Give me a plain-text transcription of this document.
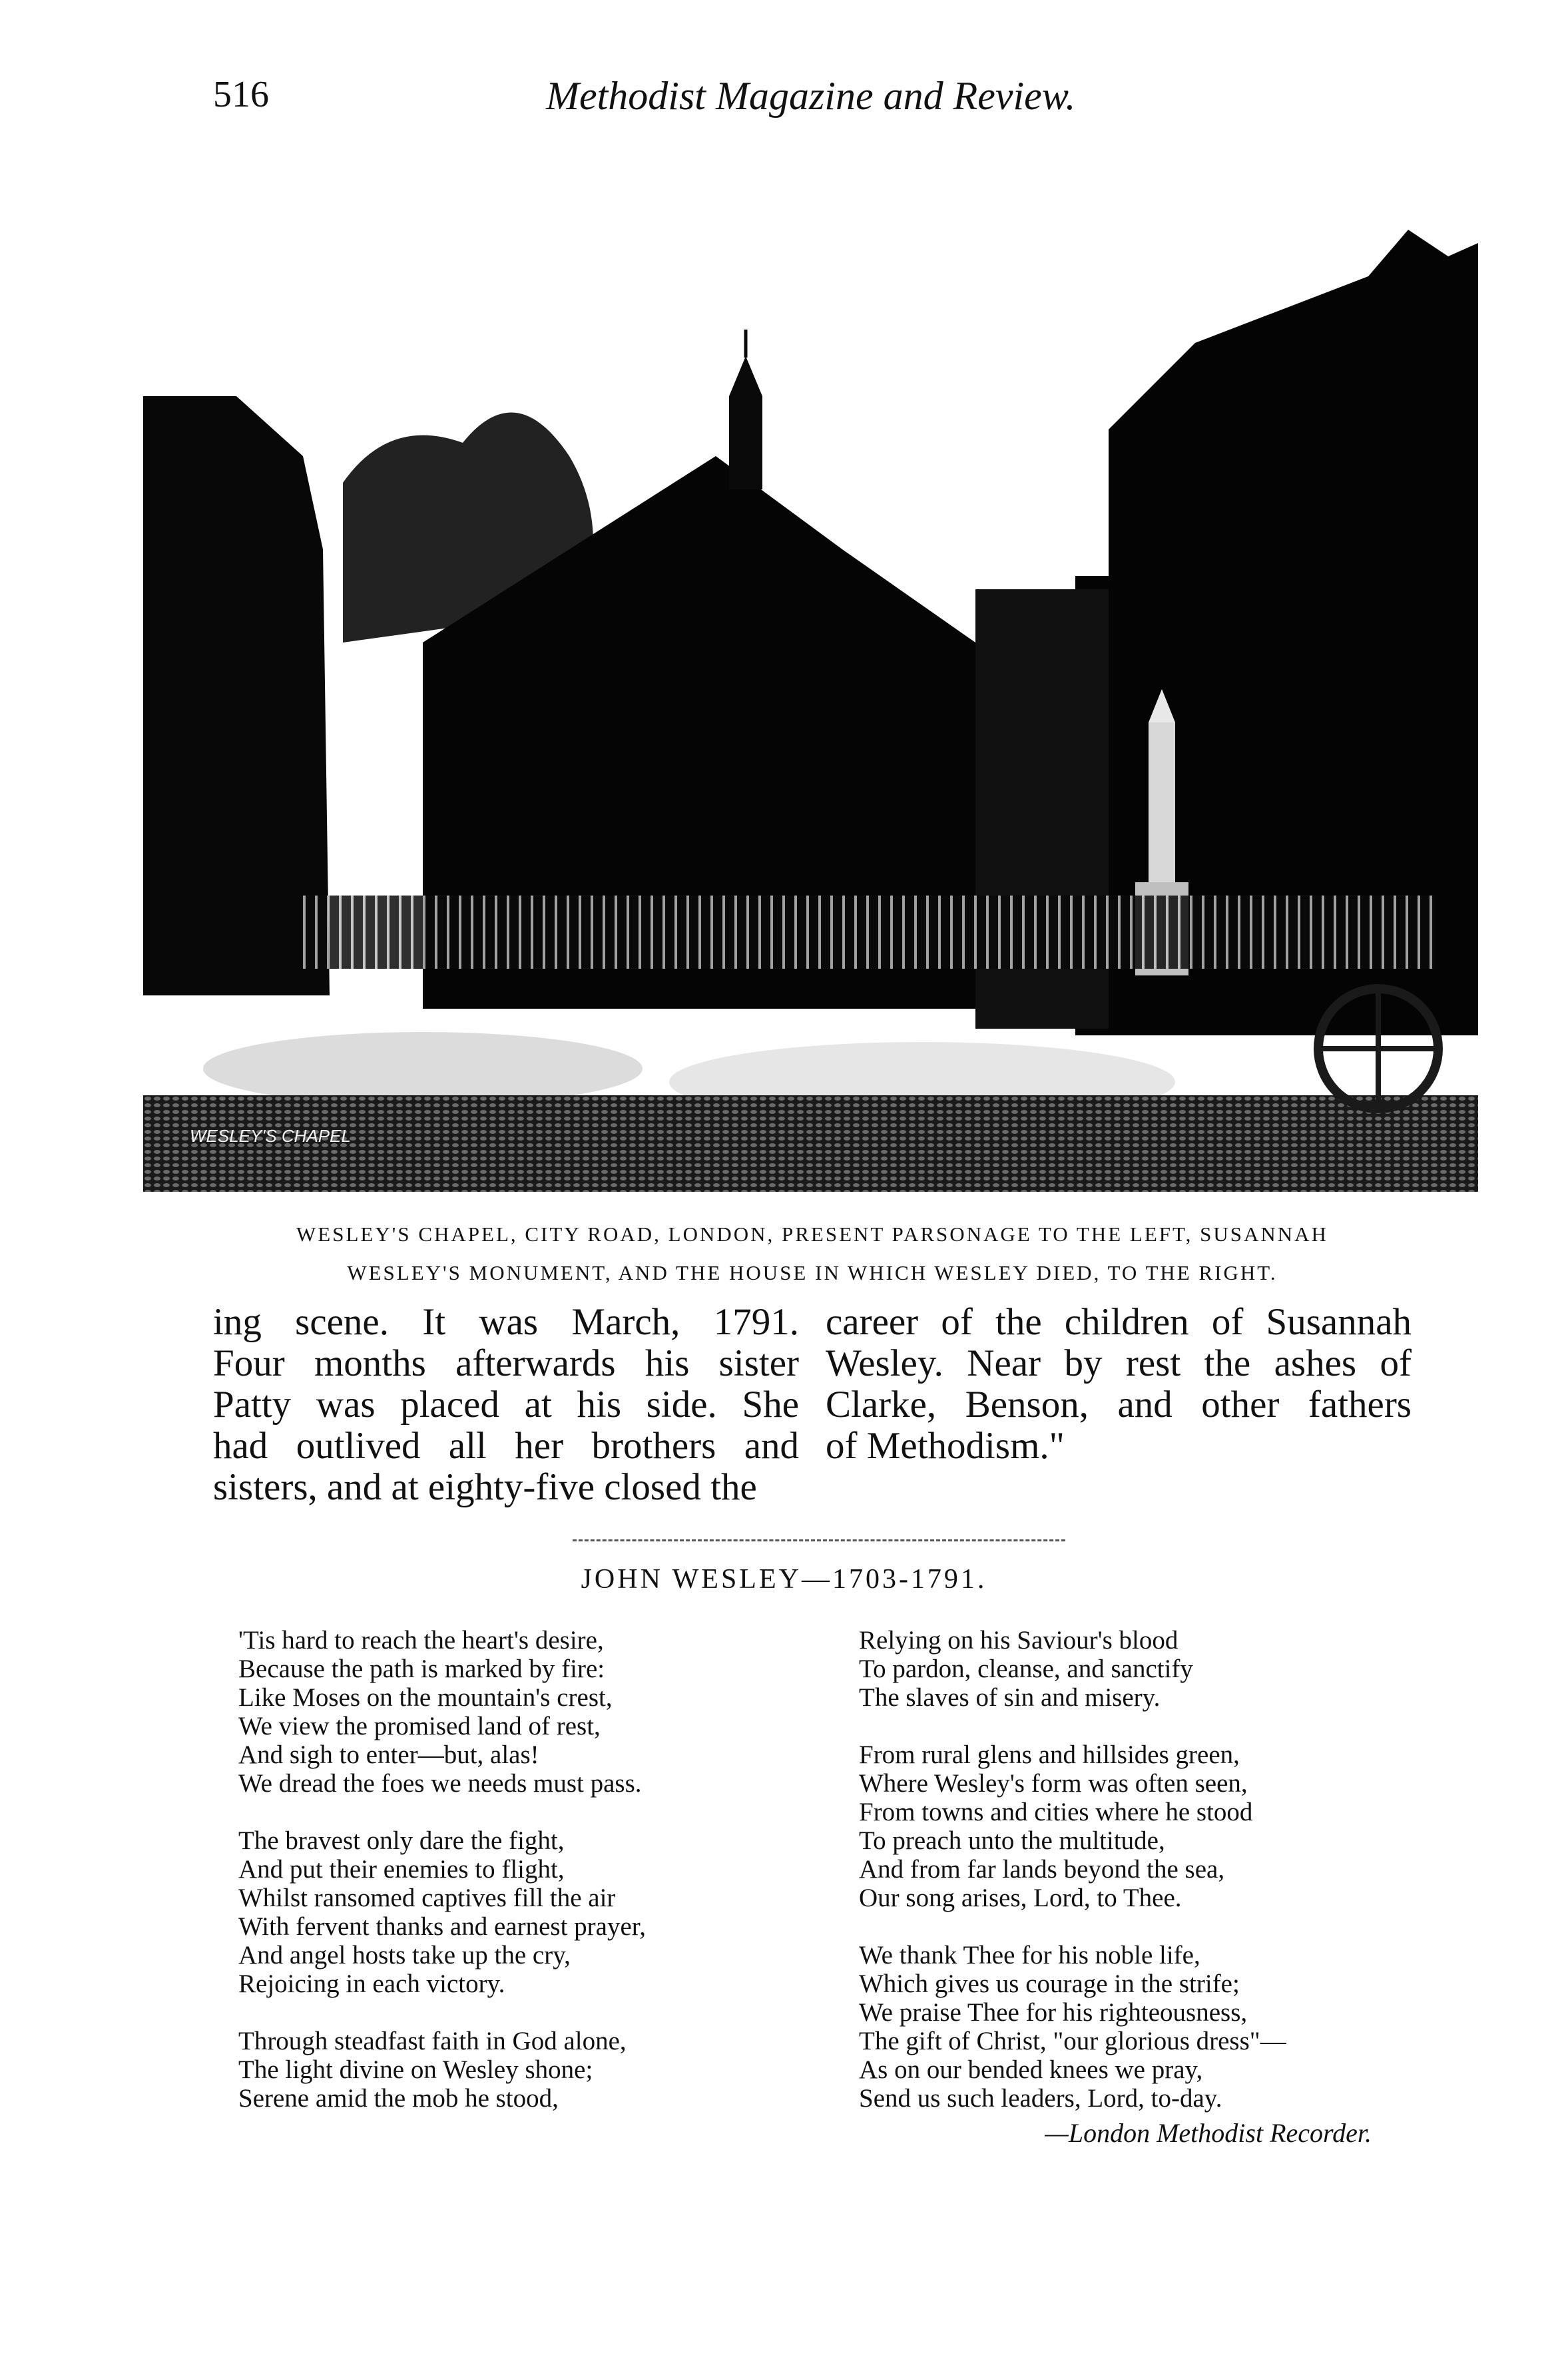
516	Methodist Magazine and Review.
WESLEY'S CHAPEL
WESLEY'S CHAPEL, CITY ROAD, LONDON, PRESENT PARSONAGE TO THE LEFT, SUSANNAH
WESLEY'S MONUMENT, AND THE HOUSE IN WHICH WESLEY DIED, TO THE RIGHT.
ing scene. It was March, 1791.
Four months afterwards his sister
Patty was placed at his side. She
had outlived all her brothers and
sisters, and at eighty-five closed the
career of the children of Susannah
Wesley. Near by rest the ashes of
Clarke, Benson, and other fathers
of Methodism."
JOHN WESLEY—1703-1791.
'Tis hard to reach the heart's desire,
Because the path is marked by fire:
Like Moses on the mountain's crest,
We view the promised land of rest,
And sigh to enter—but, alas!
We dread the foes we needs must pass.
The bravest only dare the fight,
And put their enemies to flight,
Whilst ransomed captives fill the air
With fervent thanks and earnest prayer,
And angel hosts take up the cry,
Rejoicing in each victory.
Through steadfast faith in God alone,
The light divine on Wesley shone;
Serene amid the mob he stood,
Relying on his Saviour's blood
To pardon, cleanse, and sanctify
The slaves of sin and misery.
From rural glens and hillsides green,
Where Wesley's form was often seen,
From towns and cities where he stood
To preach unto the multitude,
And from far lands beyond the sea,
Our song arises, Lord, to Thee.
We thank Thee for his noble life,
Which gives us courage in the strife;
We praise Thee for his righteousness,
The gift of Christ, "our glorious dress"—
As on our bended knees we pray,
Send us such leaders, Lord, to-day.
—London Methodist Recorder.
